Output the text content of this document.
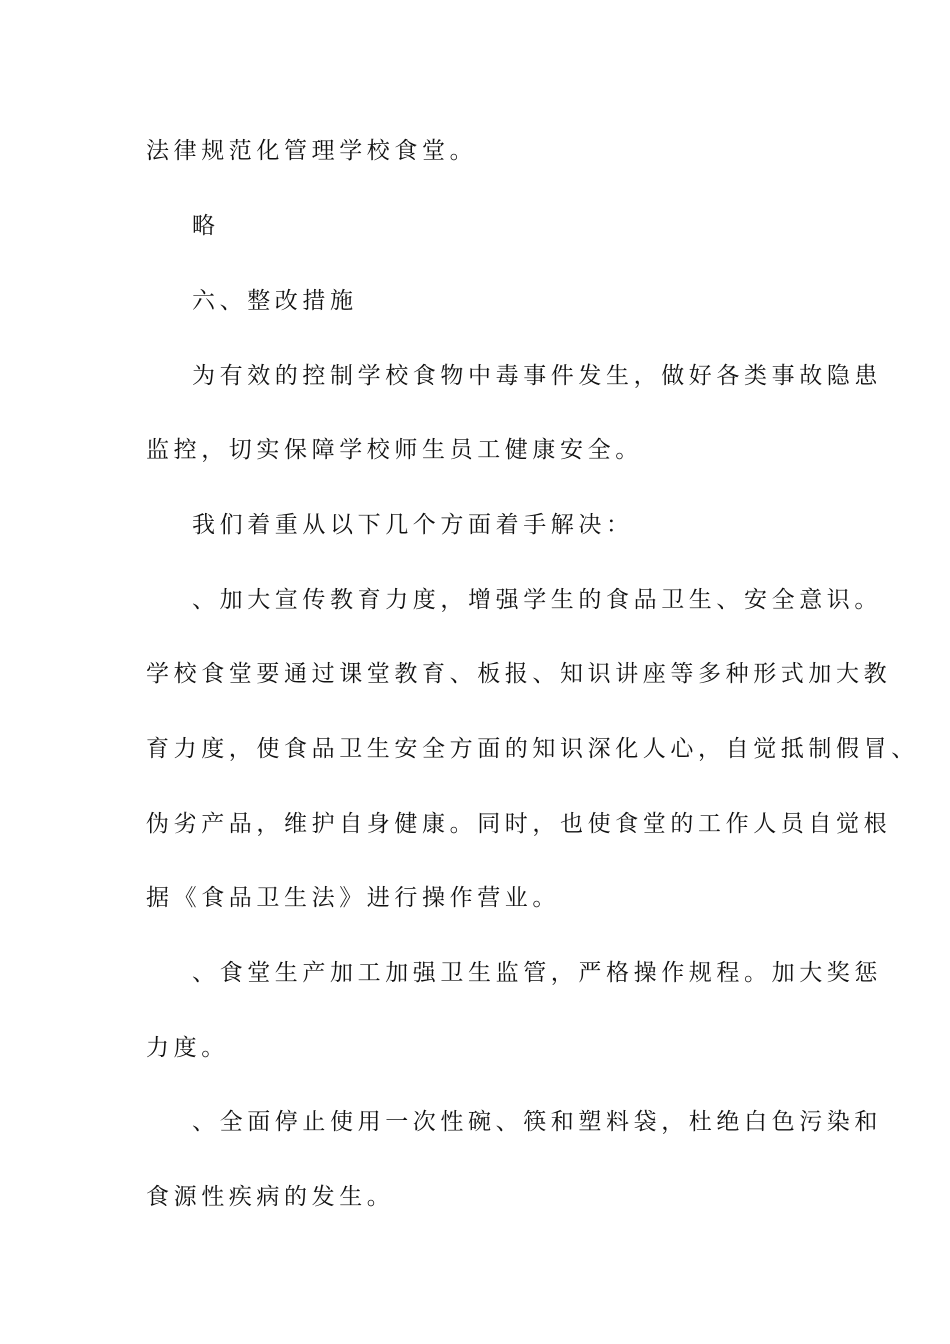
法律规范化管理学校食堂。
略
六、整改措施
为有效的控制学校食物中毒事件发生，做好各类事故隐患
监控，切实保障学校师生员工健康安全。
我们着重从以下几个方面着手解决：
、加大宣传教育力度，增强学生的食品卫生、安全意识。
学校食堂要通过课堂教育、板报、知识讲座等多种形式加大教
育力度，使食品卫生安全方面的知识深化人心，自觉抵制假冒、
伪劣产品，维护自身健康。同时，也使食堂的工作人员自觉根
据《食品卫生法》进行操作营业。
、食堂生产加工加强卫生监管，严格操作规程。加大奖惩
力度。
、全面停止使用一次性碗、筷和塑料袋，杜绝白色污染和
食源性疾病的发生。
